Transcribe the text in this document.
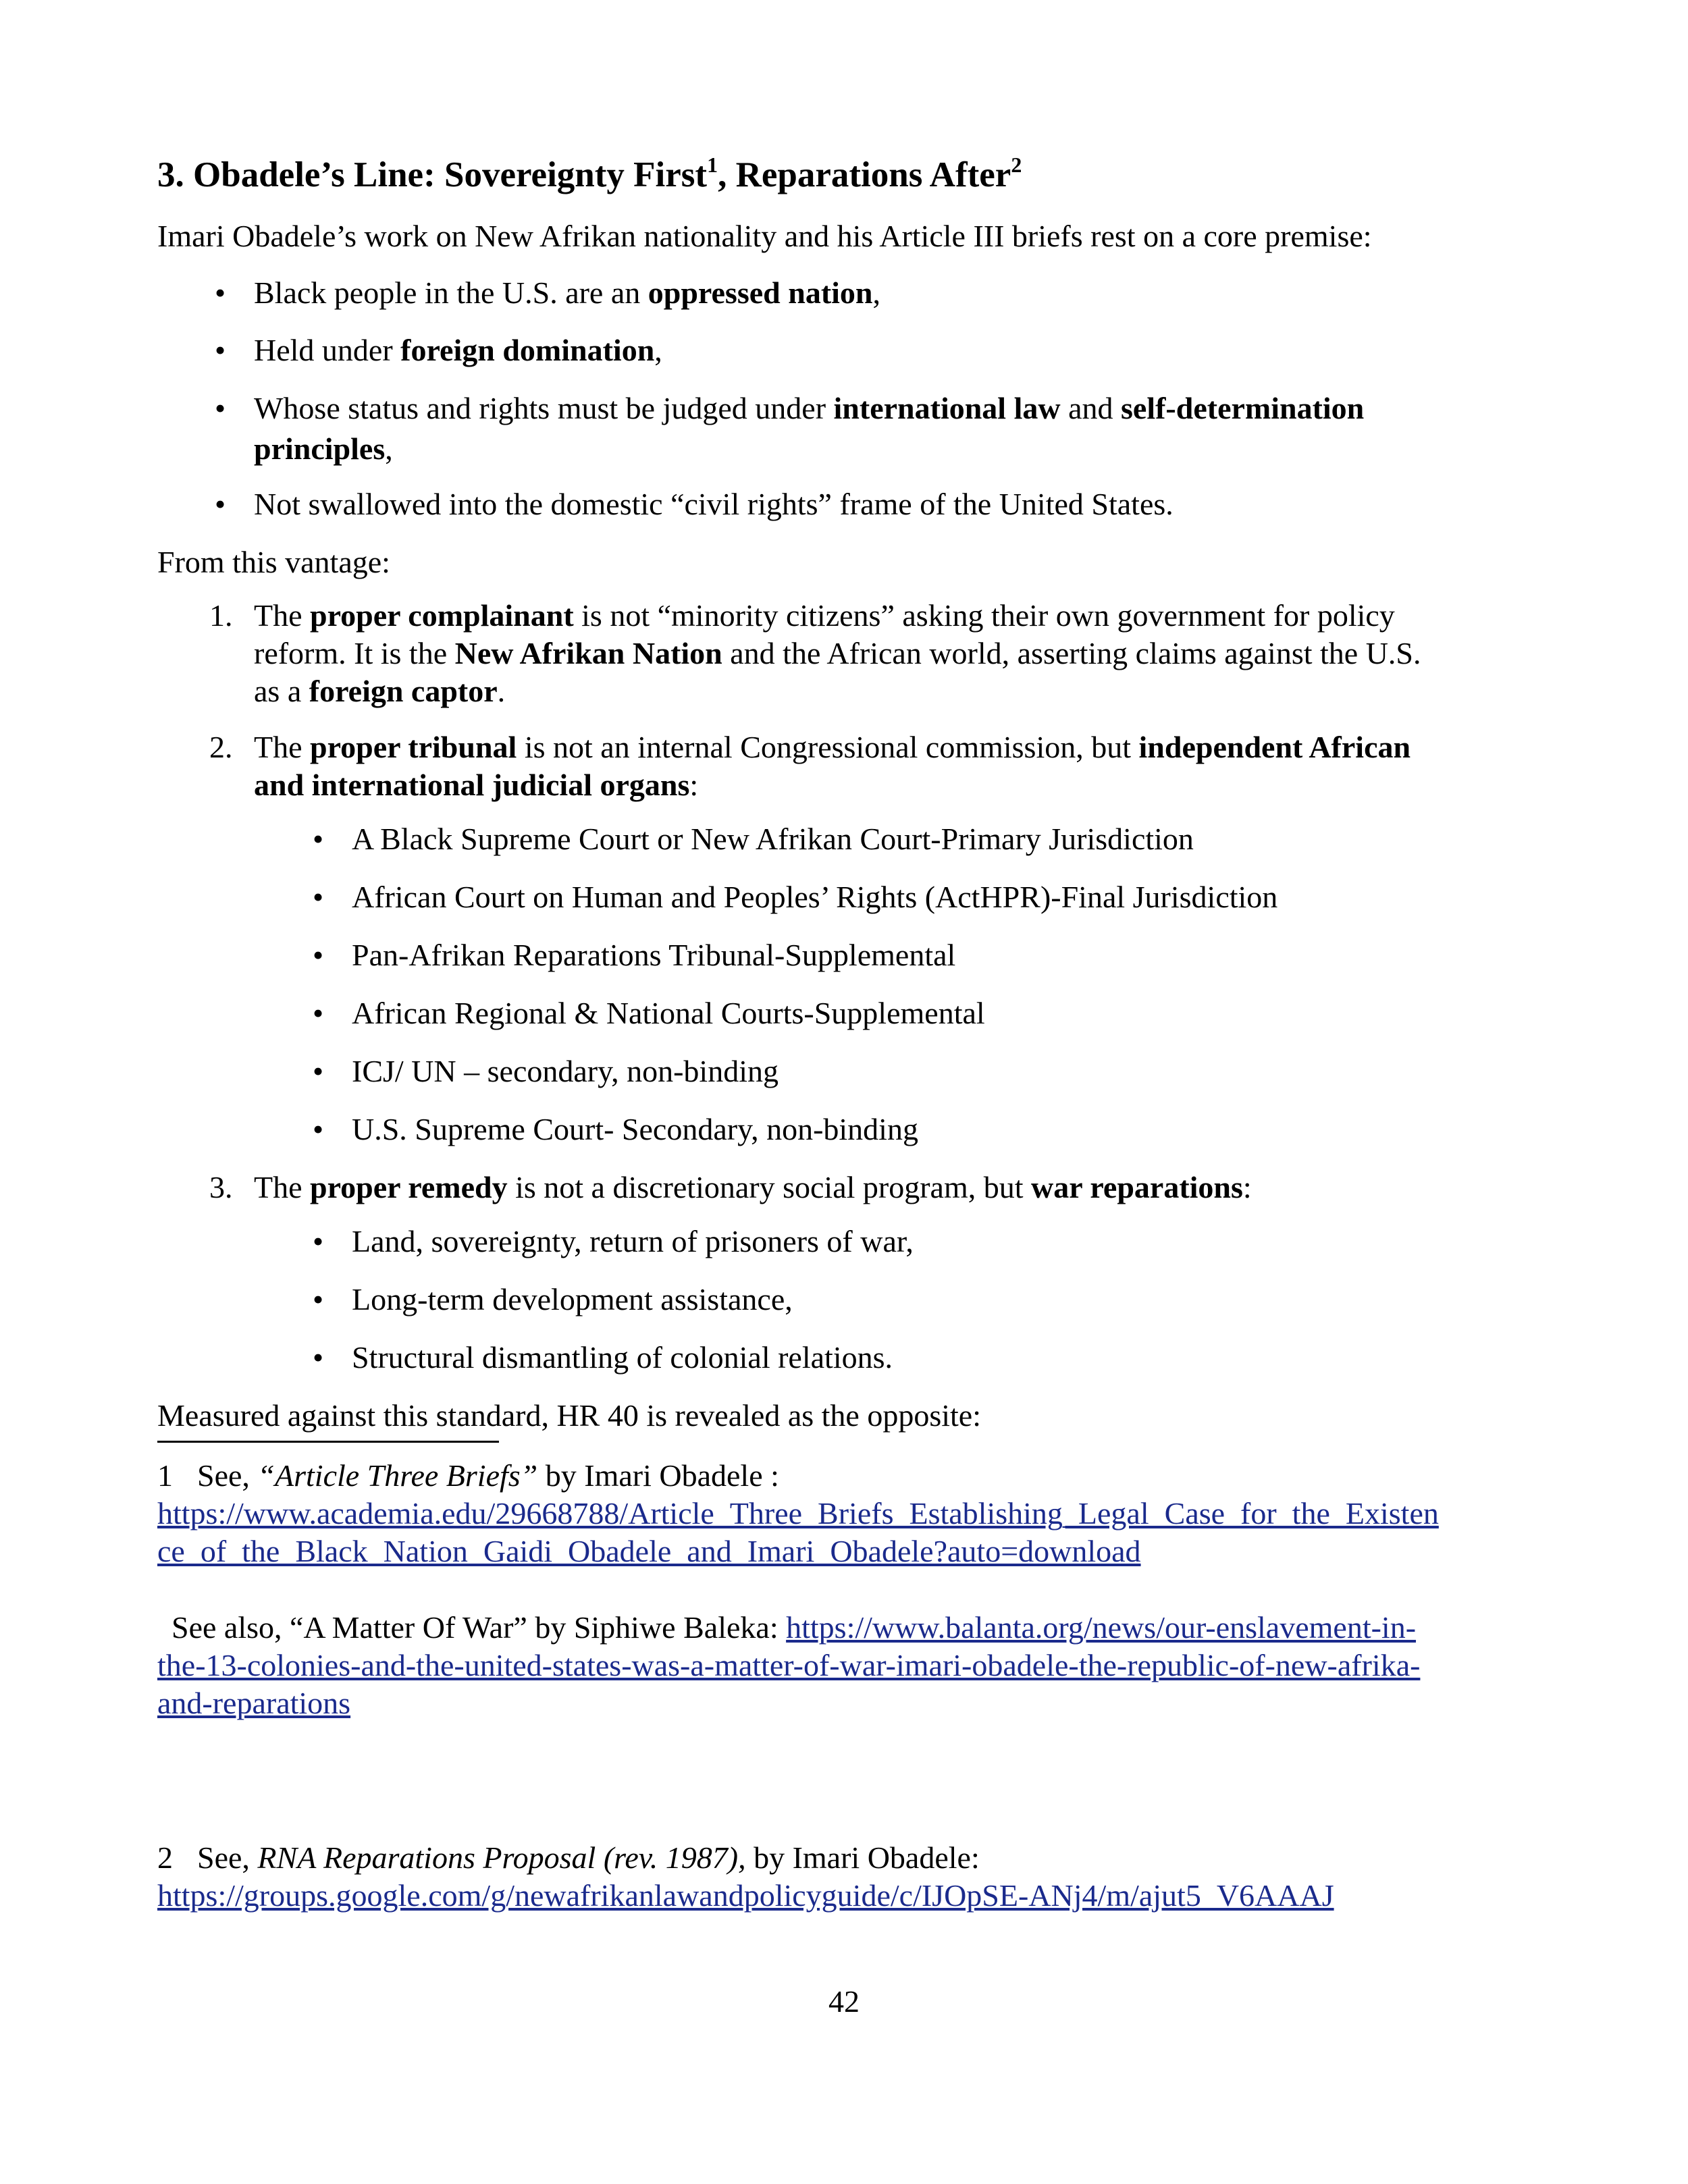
3. Obadele’s Line: Sovereignty First$^1$, Reparations After$^2$

Imari Obadele’s work on New Afrikan nationality and his Article III briefs rest on a core premise:

• Black people in the U.S. are an oppressed nation,
• Held under foreign domination,
• Whose status and rights must be judged under international law and self-determination
principles,
• Not swallowed into the domestic “civil rights” frame of the United States.

From this vantage:

1. The proper complainant is not “minority citizens” asking their own government for policy
reform. It is the New Afrikan Nation and the African world, asserting claims against the U.S.
as a foreign captor.
2. The proper tribunal is not an internal Congressional commission, but independent African
and international judicial organs:
• A Black Supreme Court or New Afrikan Court-Primary Jurisdiction
• African Court on Human and Peoples’ Rights (ActHPR)-Final Jurisdiction
• Pan-Afrikan Reparations Tribunal-Supplemental
• African Regional & National Courts-Supplemental
• ICJ/ UN – secondary, non-binding
• U.S. Supreme Court- Secondary, non-binding
3. The proper remedy is not a discretionary social program, but war reparations:
• Land, sovereignty, return of prisoners of war,
• Long-term development assistance,
• Structural dismantling of colonial relations.

Measured against this standard, HR 40 is revealed as the opposite:

1 See, “Article Three Briefs” by Imari Obadele :
https://www.academia.edu/29668788/Article_Three_Briefs_Establishing_Legal_Case_for_the_Existen
ce_of_the_Black_Nation_Gaidi_Obadele_and_Imari_Obadele?auto=download
See also, “A Matter Of War” by Siphiwe Baleka: https://www.balanta.org/news/our-enslavement-in-
the-13-colonies-and-the-united-states-was-a-matter-of-war-imari-obadele-the-republic-of-new-afrika-
and-reparations
2 See, RNA Reparations Proposal (rev. 1987), by Imari Obadele:
https://groups.google.com/g/newafrikanlawandpolicyguide/c/IJOpSE-ANj4/m/ajut5_V6AAAJ
42
